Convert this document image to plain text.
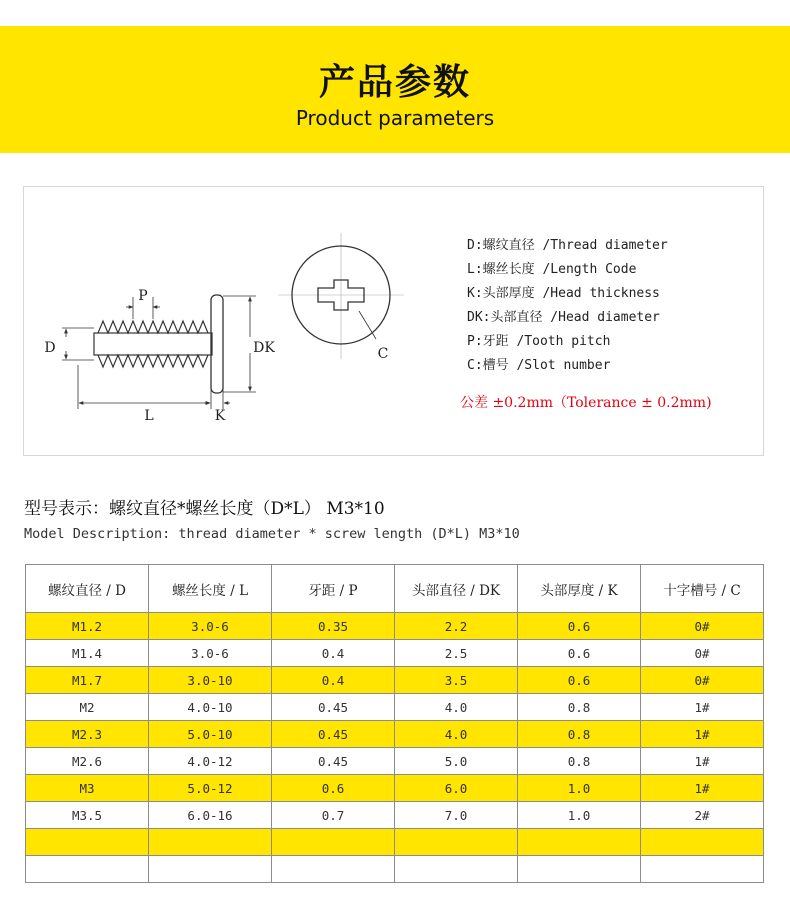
产品参数
Product parameters
P
D	DK
L	K
C
D:螺纹直径 /Thread diameter
L:螺丝长度 /Length Code
K:头部厚度 /Head thickness
DK:头部直径 /Head diameter
P:牙距 /Tooth pitch
C:槽号 /Slot number
公差 ±0.2mm（Tolerance ± 0.2mm)
型号表示：螺纹直径*螺丝长度（D*L） M3*10
Model Description: thread diameter * screw length (D*L) M3*10
螺纹直径 / D	螺丝长度 / L	牙距 / P	头部直径 / DK	头部厚度 / K	十字槽号 / C
M1.2	3.0-6	0.35	2.2	0.6	0#
M1.4	3.0-6	0.4	2.5	0.6	0#
M1.7	3.0-10	0.4	3.5	0.6	0#
M2	4.0-10	0.45	4.0	0.8	1#
M2.3	5.0-10	0.45	4.0	0.8	1#
M2.6	4.0-12	0.45	5.0	0.8	1#
M3	5.0-12	0.6	6.0	1.0	1#
M3.5	6.0-16	0.7	7.0	1.0	2#
